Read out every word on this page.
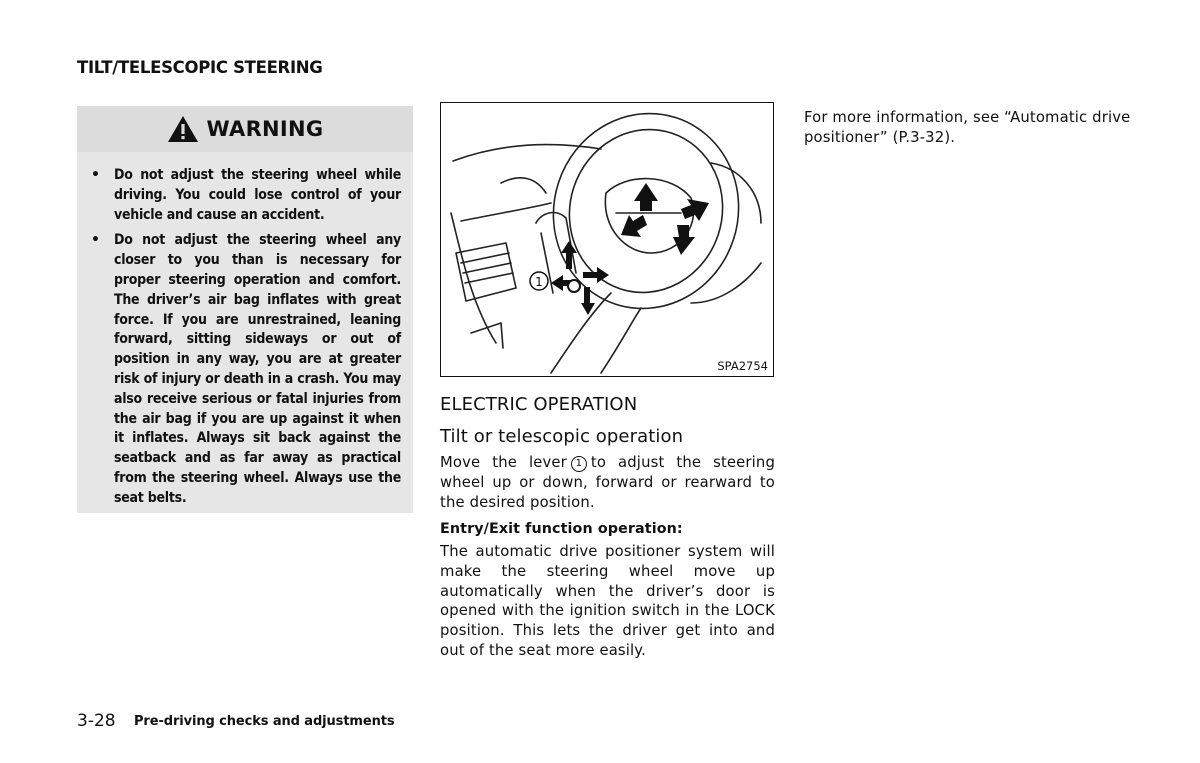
TILT/TELESCOPIC STEERING
WARNING
• Do not adjust the steering wheel while driving. You could lose control of your vehicle and cause an accident.
• Do not adjust the steering wheel any closer to you than is necessary for proper steering operation and comfort. The driver’s air bag inflates with great force. If you are unrestrained, leaning forward, sitting sideways or out of position in any way, you are at greater risk of injury or death in a crash. You may also receive serious or fatal injuries from the air bag if you are up against it when it inflates. Always sit back against the seatback and as far away as practical from the steering wheel. Always use the seat belts.
1
SPA2754
ELECTRIC OPERATION
Tilt or telescopic operation
Move the lever 1 to adjust the steering wheel up or down, forward or rearward to the desired position.
Entry/Exit function operation:
The automatic drive positioner system will make the steering wheel move up automatically when the driver’s door is opened with the ignition switch in the LOCK position. This lets the driver get into and out of the seat more easily.
For more information, see “Automatic drive positioner” (P.3-32).
3-28 Pre-driving checks and adjustments
